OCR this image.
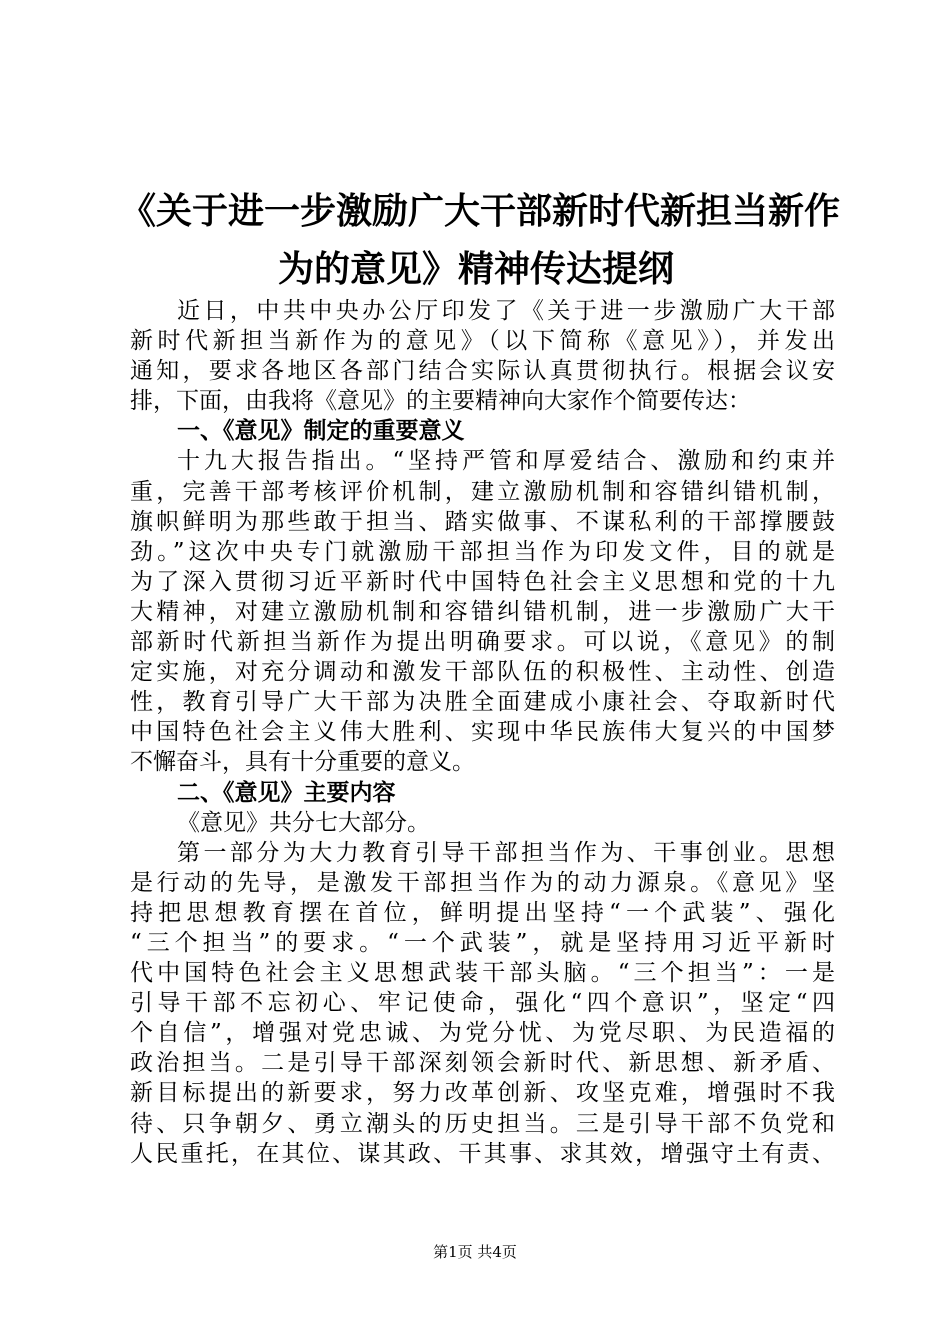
《关于进一步激励广大干部新时代新担当新作
为的意见》精神传达提纲
近日，中共中央办公厅印发了《关于进一步激励广大干部
新时代新担当新作为的意见》（以下简称《意见》），并发出
通知，要求各地区各部门结合实际认真贯彻执行。根据会议安
排，下面，由我将《意见》的主要精神向大家作个简要传达：
一、《意见》制定的重要意义
十九大报告指出。“坚持严管和厚爱结合、激励和约束并
重，完善干部考核评价机制，建立激励机制和容错纠错机制，
旗帜鲜明为那些敢于担当、踏实做事、不谋私利的干部撑腰鼓
劲。”这次中央专门就激励干部担当作为印发文件，目的就是
为了深入贯彻习近平新时代中国特色社会主义思想和党的十九
大精神，对建立激励机制和容错纠错机制，进一步激励广大干
部新时代新担当新作为提出明确要求。可以说，《意见》的制
定实施，对充分调动和激发干部队伍的积极性、主动性、创造
性，教育引导广大干部为决胜全面建成小康社会、夺取新时代
中国特色社会主义伟大胜利、实现中华民族伟大复兴的中国梦
不懈奋斗，具有十分重要的意义。
二、《意见》主要内容
《意见》共分七大部分。
第一部分为大力教育引导干部担当作为、干事创业。思想
是行动的先导，是激发干部担当作为的动力源泉。《意见》坚
持把思想教育摆在首位，鲜明提出坚持“一个武装”、强化
“三个担当”的要求。“一个武装”，就是坚持用习近平新时
代中国特色社会主义思想武装干部头脑。“三个担当”：一是
引导干部不忘初心、牢记使命，强化“四个意识”，坚定“四
个自信”，增强对党忠诚、为党分忧、为党尽职、为民造福的
政治担当。二是引导干部深刻领会新时代、新思想、新矛盾、
新目标提出的新要求，努力改革创新、攻坚克难，增强时不我
待、只争朝夕、勇立潮头的历史担当。三是引导干部不负党和
人民重托，在其位、谋其政、干其事、求其效，增强守土有责、
第1页 共4页
